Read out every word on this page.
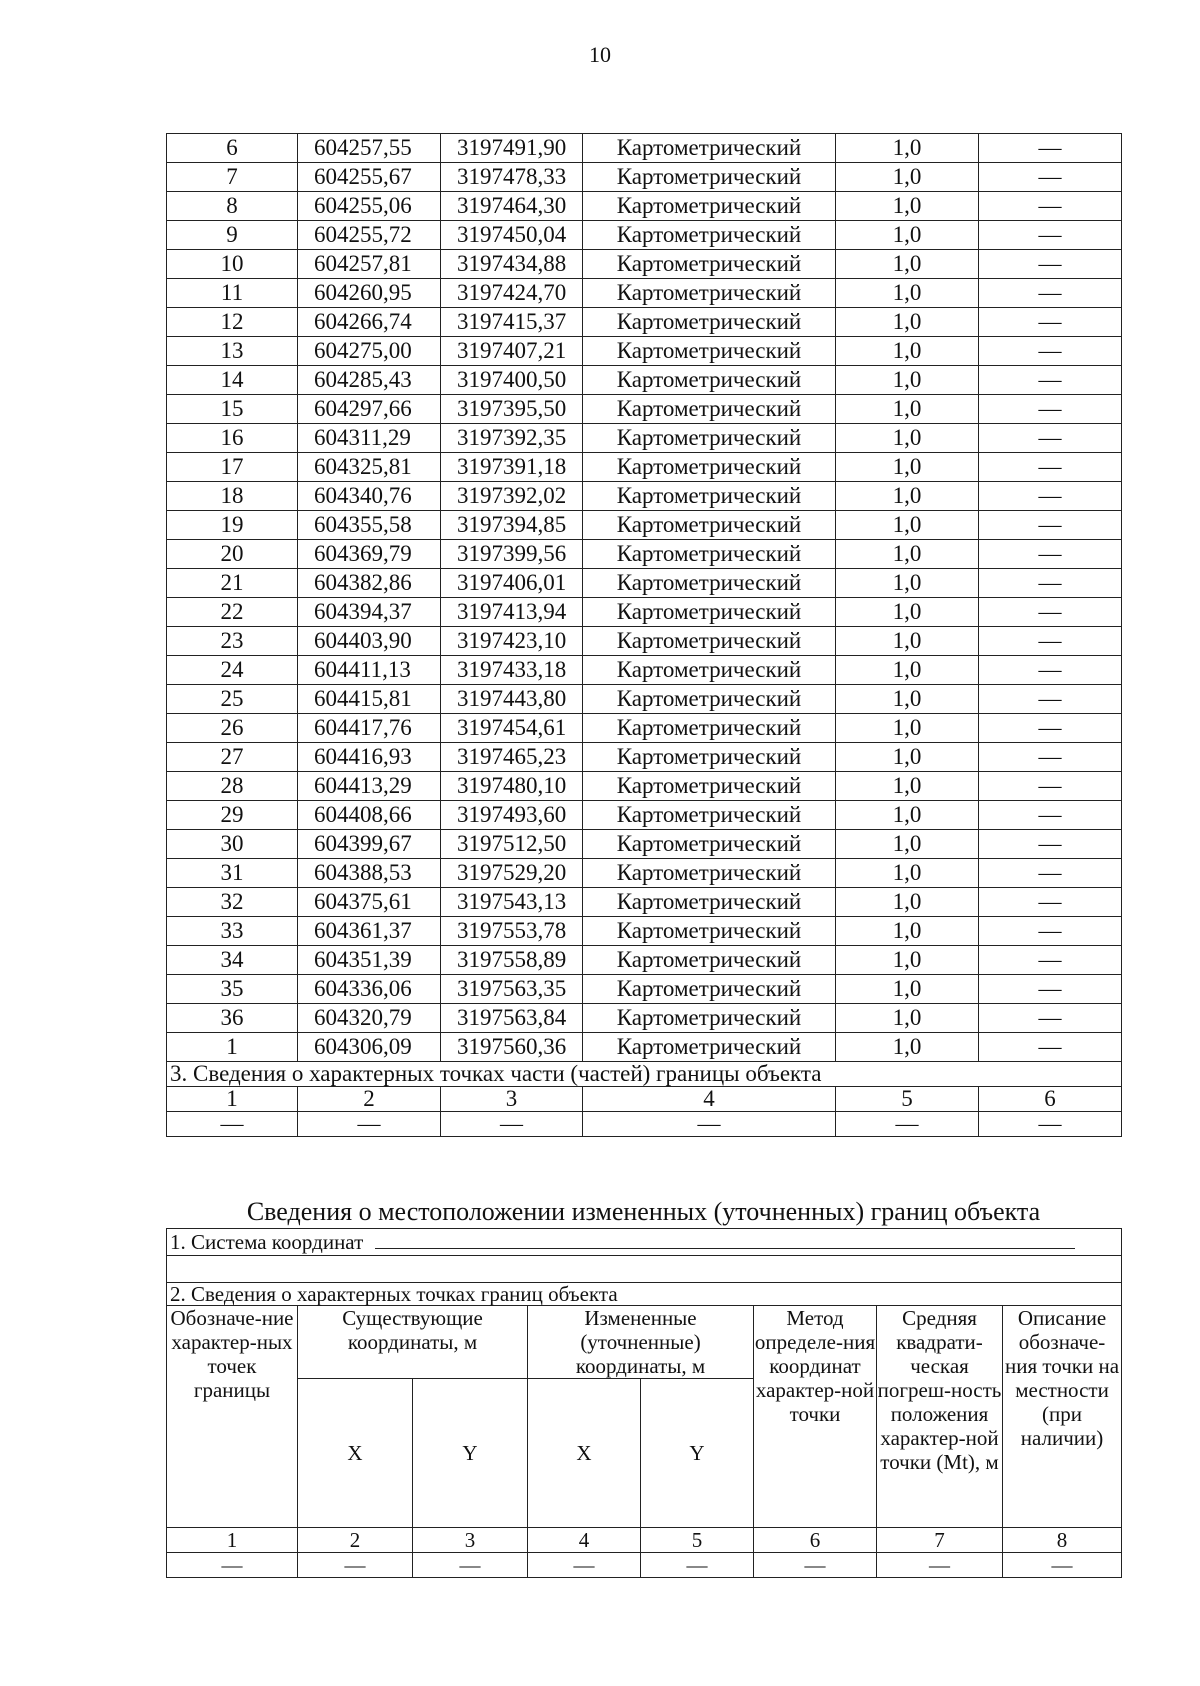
10
6	604257,55	3197491,90	Картометрический	1,0	—
7	604255,67	3197478,33	Картометрический	1,0	—
8	604255,06	3197464,30	Картометрический	1,0	—
9	604255,72	3197450,04	Картометрический	1,0	—
10	604257,81	3197434,88	Картометрический	1,0	—
11	604260,95	3197424,70	Картометрический	1,0	—
12	604266,74	3197415,37	Картометрический	1,0	—
13	604275,00	3197407,21	Картометрический	1,0	—
14	604285,43	3197400,50	Картометрический	1,0	—
15	604297,66	3197395,50	Картометрический	1,0	—
16	604311,29	3197392,35	Картометрический	1,0	—
17	604325,81	3197391,18	Картометрический	1,0	—
18	604340,76	3197392,02	Картометрический	1,0	—
19	604355,58	3197394,85	Картометрический	1,0	—
20	604369,79	3197399,56	Картометрический	1,0	—
21	604382,86	3197406,01	Картометрический	1,0	—
22	604394,37	3197413,94	Картометрический	1,0	—
23	604403,90	3197423,10	Картометрический	1,0	—
24	604411,13	3197433,18	Картометрический	1,0	—
25	604415,81	3197443,80	Картометрический	1,0	—
26	604417,76	3197454,61	Картометрический	1,0	—
27	604416,93	3197465,23	Картометрический	1,0	—
28	604413,29	3197480,10	Картометрический	1,0	—
29	604408,66	3197493,60	Картометрический	1,0	—
30	604399,67	3197512,50	Картометрический	1,0	—
31	604388,53	3197529,20	Картометрический	1,0	—
32	604375,61	3197543,13	Картометрический	1,0	—
33	604361,37	3197553,78	Картометрический	1,0	—
34	604351,39	3197558,89	Картометрический	1,0	—
35	604336,06	3197563,35	Картометрический	1,0	—
36	604320,79	3197563,84	Картометрический	1,0	—
1	604306,09	3197560,36	Картометрический	1,0	—
3. Сведения о характерных точках части (частей) границы объекта					
1	2	3	4	5	6
—	—	—	—	—	—
Сведения о местоположении измененных (уточненных) границ объекта
1. Система координат							

2. Сведения о характерных точках границ объекта							
Обозначе-ние характер-ных точек границы	Существующие координаты, м		Измененные (уточненные) координаты, м		Метод определе-ния координат характер-ной точки	Средняя квадрати-ческая погреш-ность положения характер-ной точки (Mt), м	Описание обозначе-ния точки на местности (при наличии)
	X	Y	X	Y			
1	2	3	4	5	6	7	8
—	—	—	—	—	—	—	—
